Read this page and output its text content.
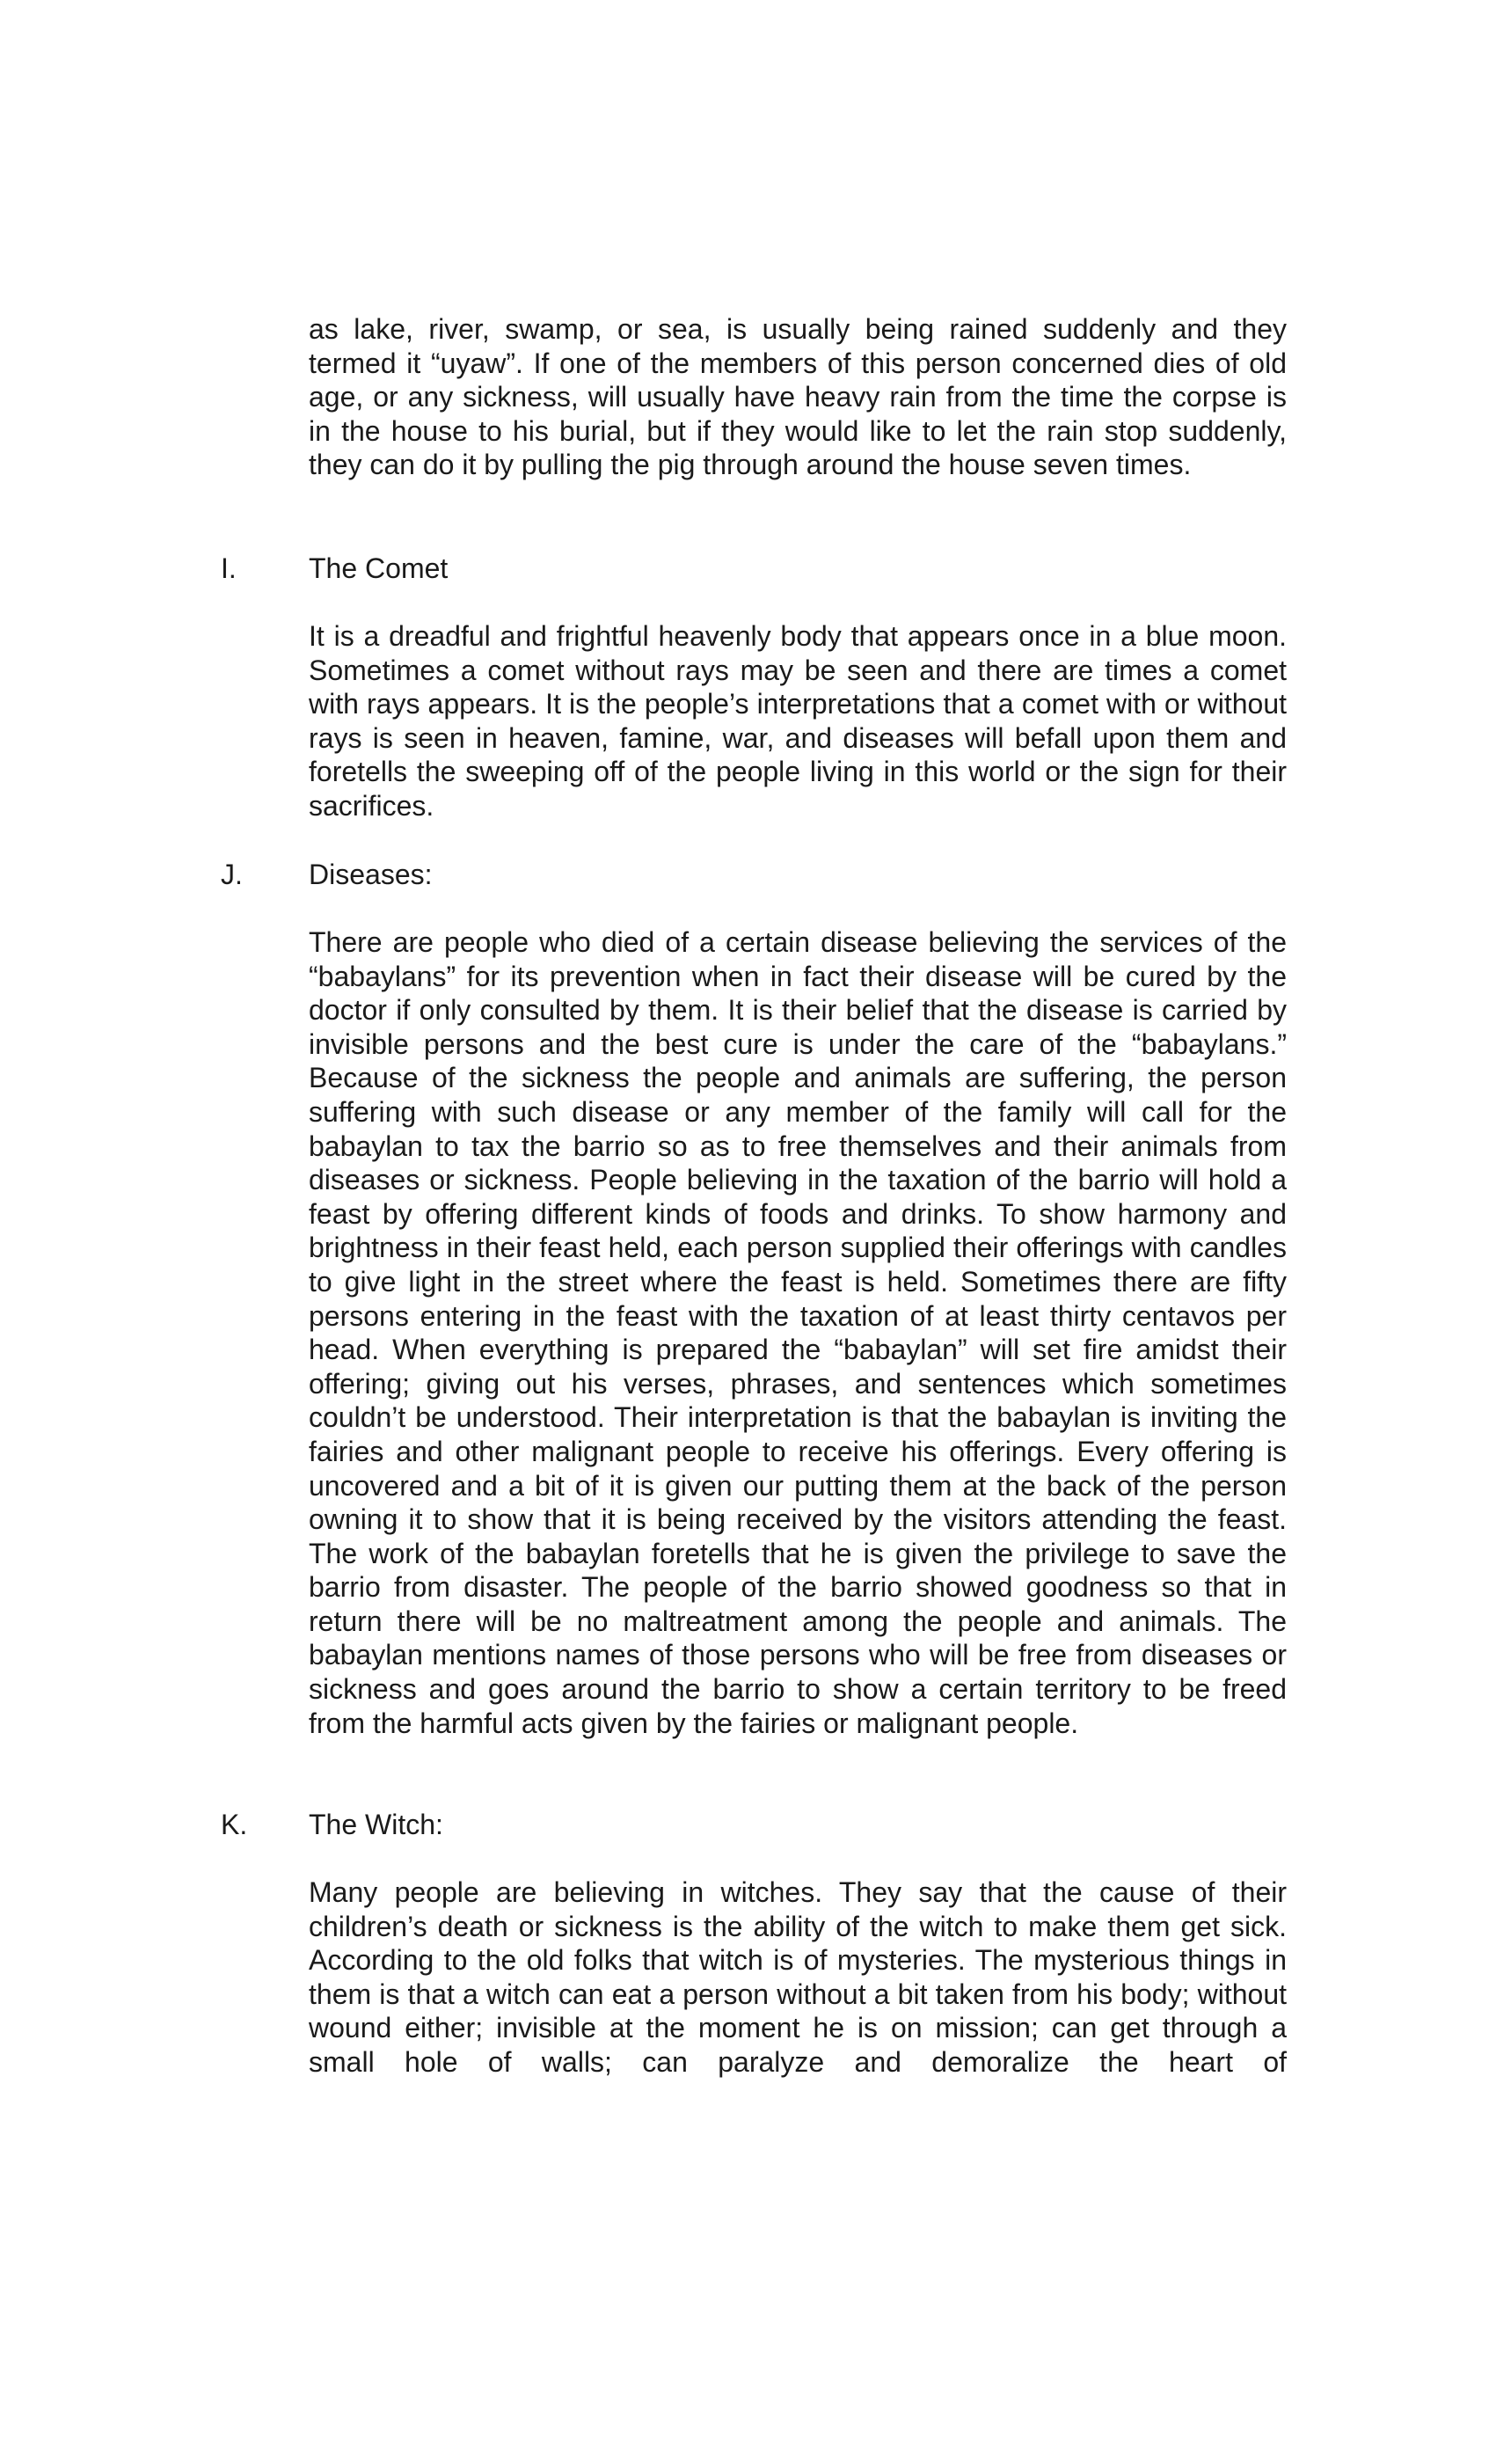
as lake, river, swamp, or sea, is usually being rained suddenly and they termed it “uyaw”. If one of the members of this person concerned dies of old age, or any sickness, will usually have heavy rain from the time the corpse is in the house to his burial, but if they would like to let the rain stop suddenly, they can do it by pulling the pig through around the house seven times.

I.	The Comet

It is a dreadful and frightful heavenly body that appears once in a blue moon. Sometimes a comet without rays may be seen and there are times a comet with rays appears. It is the people’s interpretations that a comet with or without rays is seen in heaven, famine, war, and diseases will befall upon them and foretells the sweeping off of the people living in this world or the sign for their sacrifices.

J. Diseases:

There are people who died of a certain disease believing the services of the “babaylans” for its prevention when in fact their disease will be cured by the doctor if only consulted by them. It is their belief that the disease is carried by invisible persons and the best cure is under the care of the “babaylans.” Because of the sickness the people and animals are suffering, the person suffering with such disease or any member of the family will call for the babaylan to tax the barrio so as to free themselves and their animals from diseases or sickness. People believing in the taxation of the barrio will hold a feast by offering different kinds of foods and drinks. To show harmony and brightness in their feast held, each person supplied their offerings with candles to give light in the street where the feast is held. Sometimes there are fifty persons entering in the feast with the taxation of at least thirty centavos per head. When everything is prepared the “babaylan” will set fire amidst their offering; giving out his verses, phrases, and sentences which sometimes couldn’t be understood. Their interpretation is that the babaylan is inviting the fairies and other malignant people to receive his offerings. Every offering is uncovered and a bit of it is given our putting them at the back of the person owning it to show that it is being received by the visitors attending the feast. The work of the babaylan foretells that he is given the privilege to save the barrio from disaster. The people of the barrio showed goodness so that in return there will be no maltreatment among the people and animals. The babaylan mentions names of those persons who will be free from diseases or sickness and goes around the barrio to show a certain territory to be freed from the harmful acts given by the fairies or malignant people.

K. The Witch:

Many people are believing in witches. They say that the cause of their children’s death or sickness is the ability of the witch to make them get sick. According to the old folks that witch is of mysteries. The mysterious things in them is that a witch can eat a person without a bit taken from his body; without wound either; invisible at the moment he is on mission; can get through a small hole of walls; can paralyze and demoralize the heart of
